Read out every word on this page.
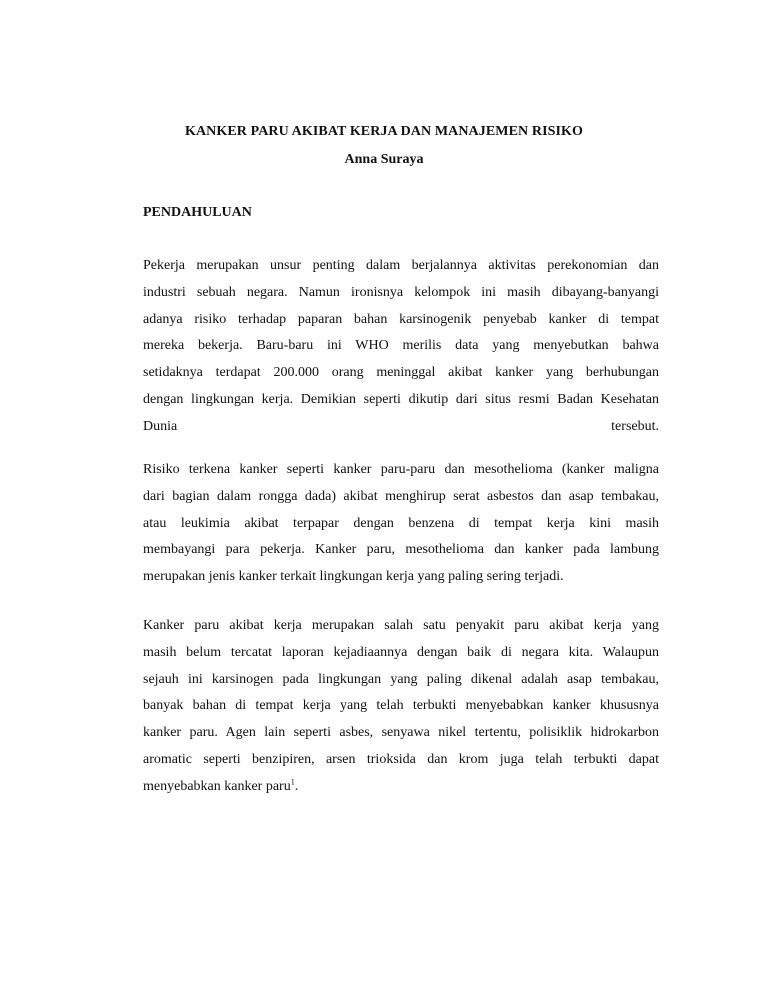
KANKER PARU AKIBAT KERJA DAN MANAJEMEN RISIKO
Anna Suraya
PENDAHULUAN
Pekerja merupakan unsur penting dalam berjalannya aktivitas perekonomian dan
industri sebuah negara. Namun ironisnya kelompok ini masih dibayang-banyangi
adanya risiko terhadap paparan bahan karsinogenik penyebab kanker di tempat
mereka bekerja. Baru-baru ini WHO merilis data yang menyebutkan bahwa
setidaknya terdapat 200.000 orang meninggal akibat kanker yang berhubungan
dengan lingkungan kerja. Demikian seperti dikutip dari situs resmi Badan Kesehatan
Dunia	tersebut.
Risiko terkena kanker seperti kanker paru-paru dan mesothelioma (kanker maligna
dari bagian dalam rongga dada) akibat menghirup serat asbestos dan asap tembakau,
atau leukimia akibat terpapar dengan benzena di tempat kerja kini masih
membayangi para pekerja. Kanker paru, mesothelioma dan kanker pada lambung
merupakan jenis kanker terkait lingkungan kerja yang paling sering terjadi.
Kanker paru akibat kerja merupakan salah satu penyakit paru akibat kerja yang
masih belum tercatat laporan kejadiaannya dengan baik di negara kita. Walaupun
sejauh ini karsinogen pada lingkungan yang paling dikenal adalah asap tembakau,
banyak bahan di tempat kerja yang telah terbukti menyebabkan kanker khususnya
kanker paru. Agen lain seperti asbes, senyawa nikel tertentu, polisiklik hidrokarbon
aromatic seperti benzipiren, arsen trioksida dan krom juga telah terbukti dapat
menyebabkan kanker paru$^1$.
